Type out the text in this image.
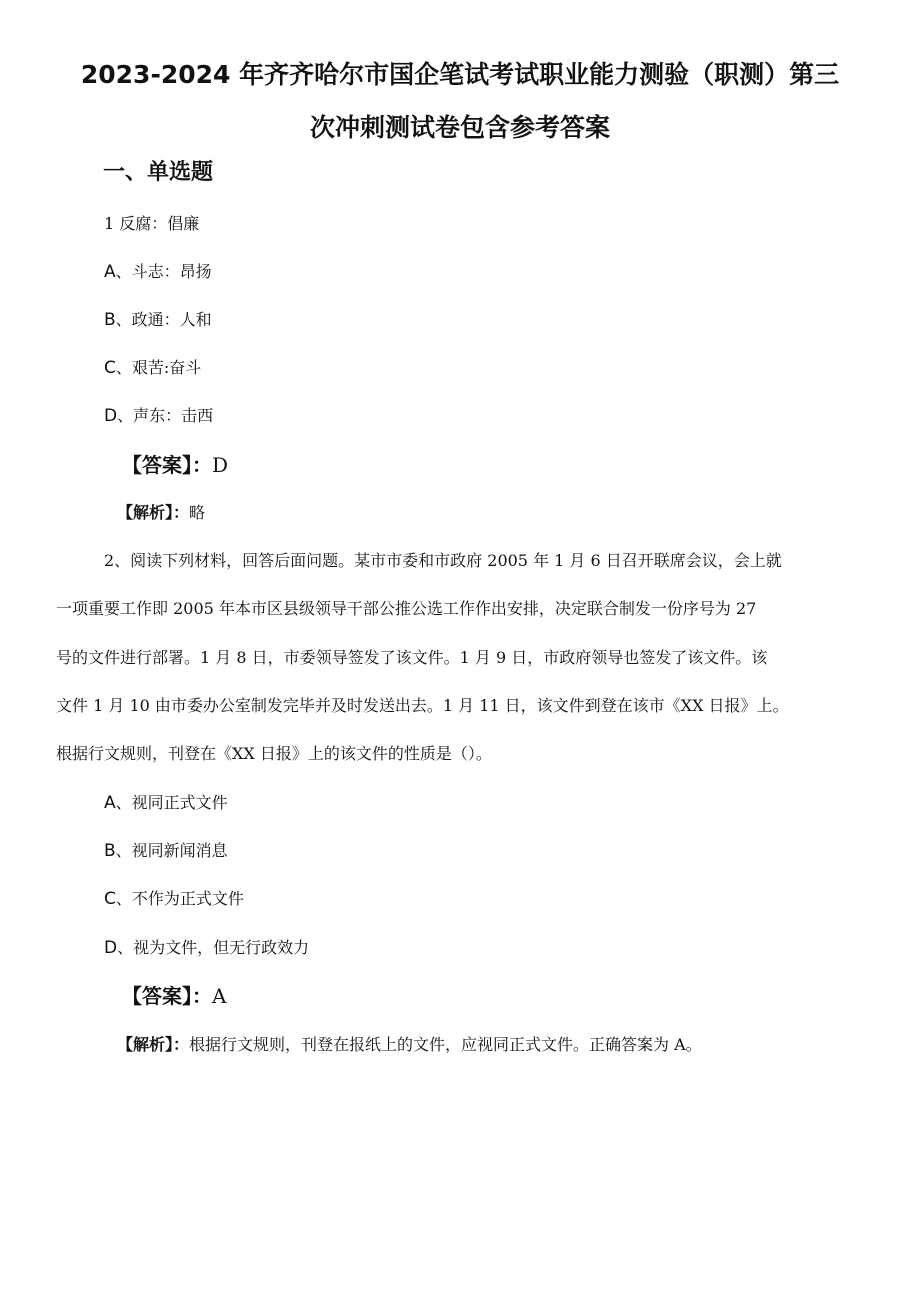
2023-2024 年齐齐哈尔市国企笔试考试职业能力测验（职测）第三
次冲刺测试卷包含参考答案
一、单选题
1 反腐：倡廉
A、斗志：昂扬
B、政通：人和
C、艰苦:奋斗
D、声东：击西
【答案】：D
【解析】：略
2、阅读下列材料，回答后面问题。某市市委和市政府 2005 年 1 月 6 日召开联席会议，会上就
一项重要工作即 2005 年本市区县级领导干部公推公选工作作出安排，决定联合制发一份序号为 27
号的文件进行部署。1 月 8 日，市委领导签发了该文件。1 月 9 日，市政府领导也签发了该文件。该
文件 1 月 10 由市委办公室制发完毕并及时发送出去。1 月 11 日，该文件到登在该市《XX 日报》上。
根据行文规则，刊登在《XX 日报》上的该文件的性质是（）。
A、视同正式文件
B、视同新闻消息
C、不作为正式文件
D、视为文件，但无行政效力
【答案】：A
【解析】：根据行文规则，刊登在报纸上的文件，应视同正式文件。正确答案为 A。
